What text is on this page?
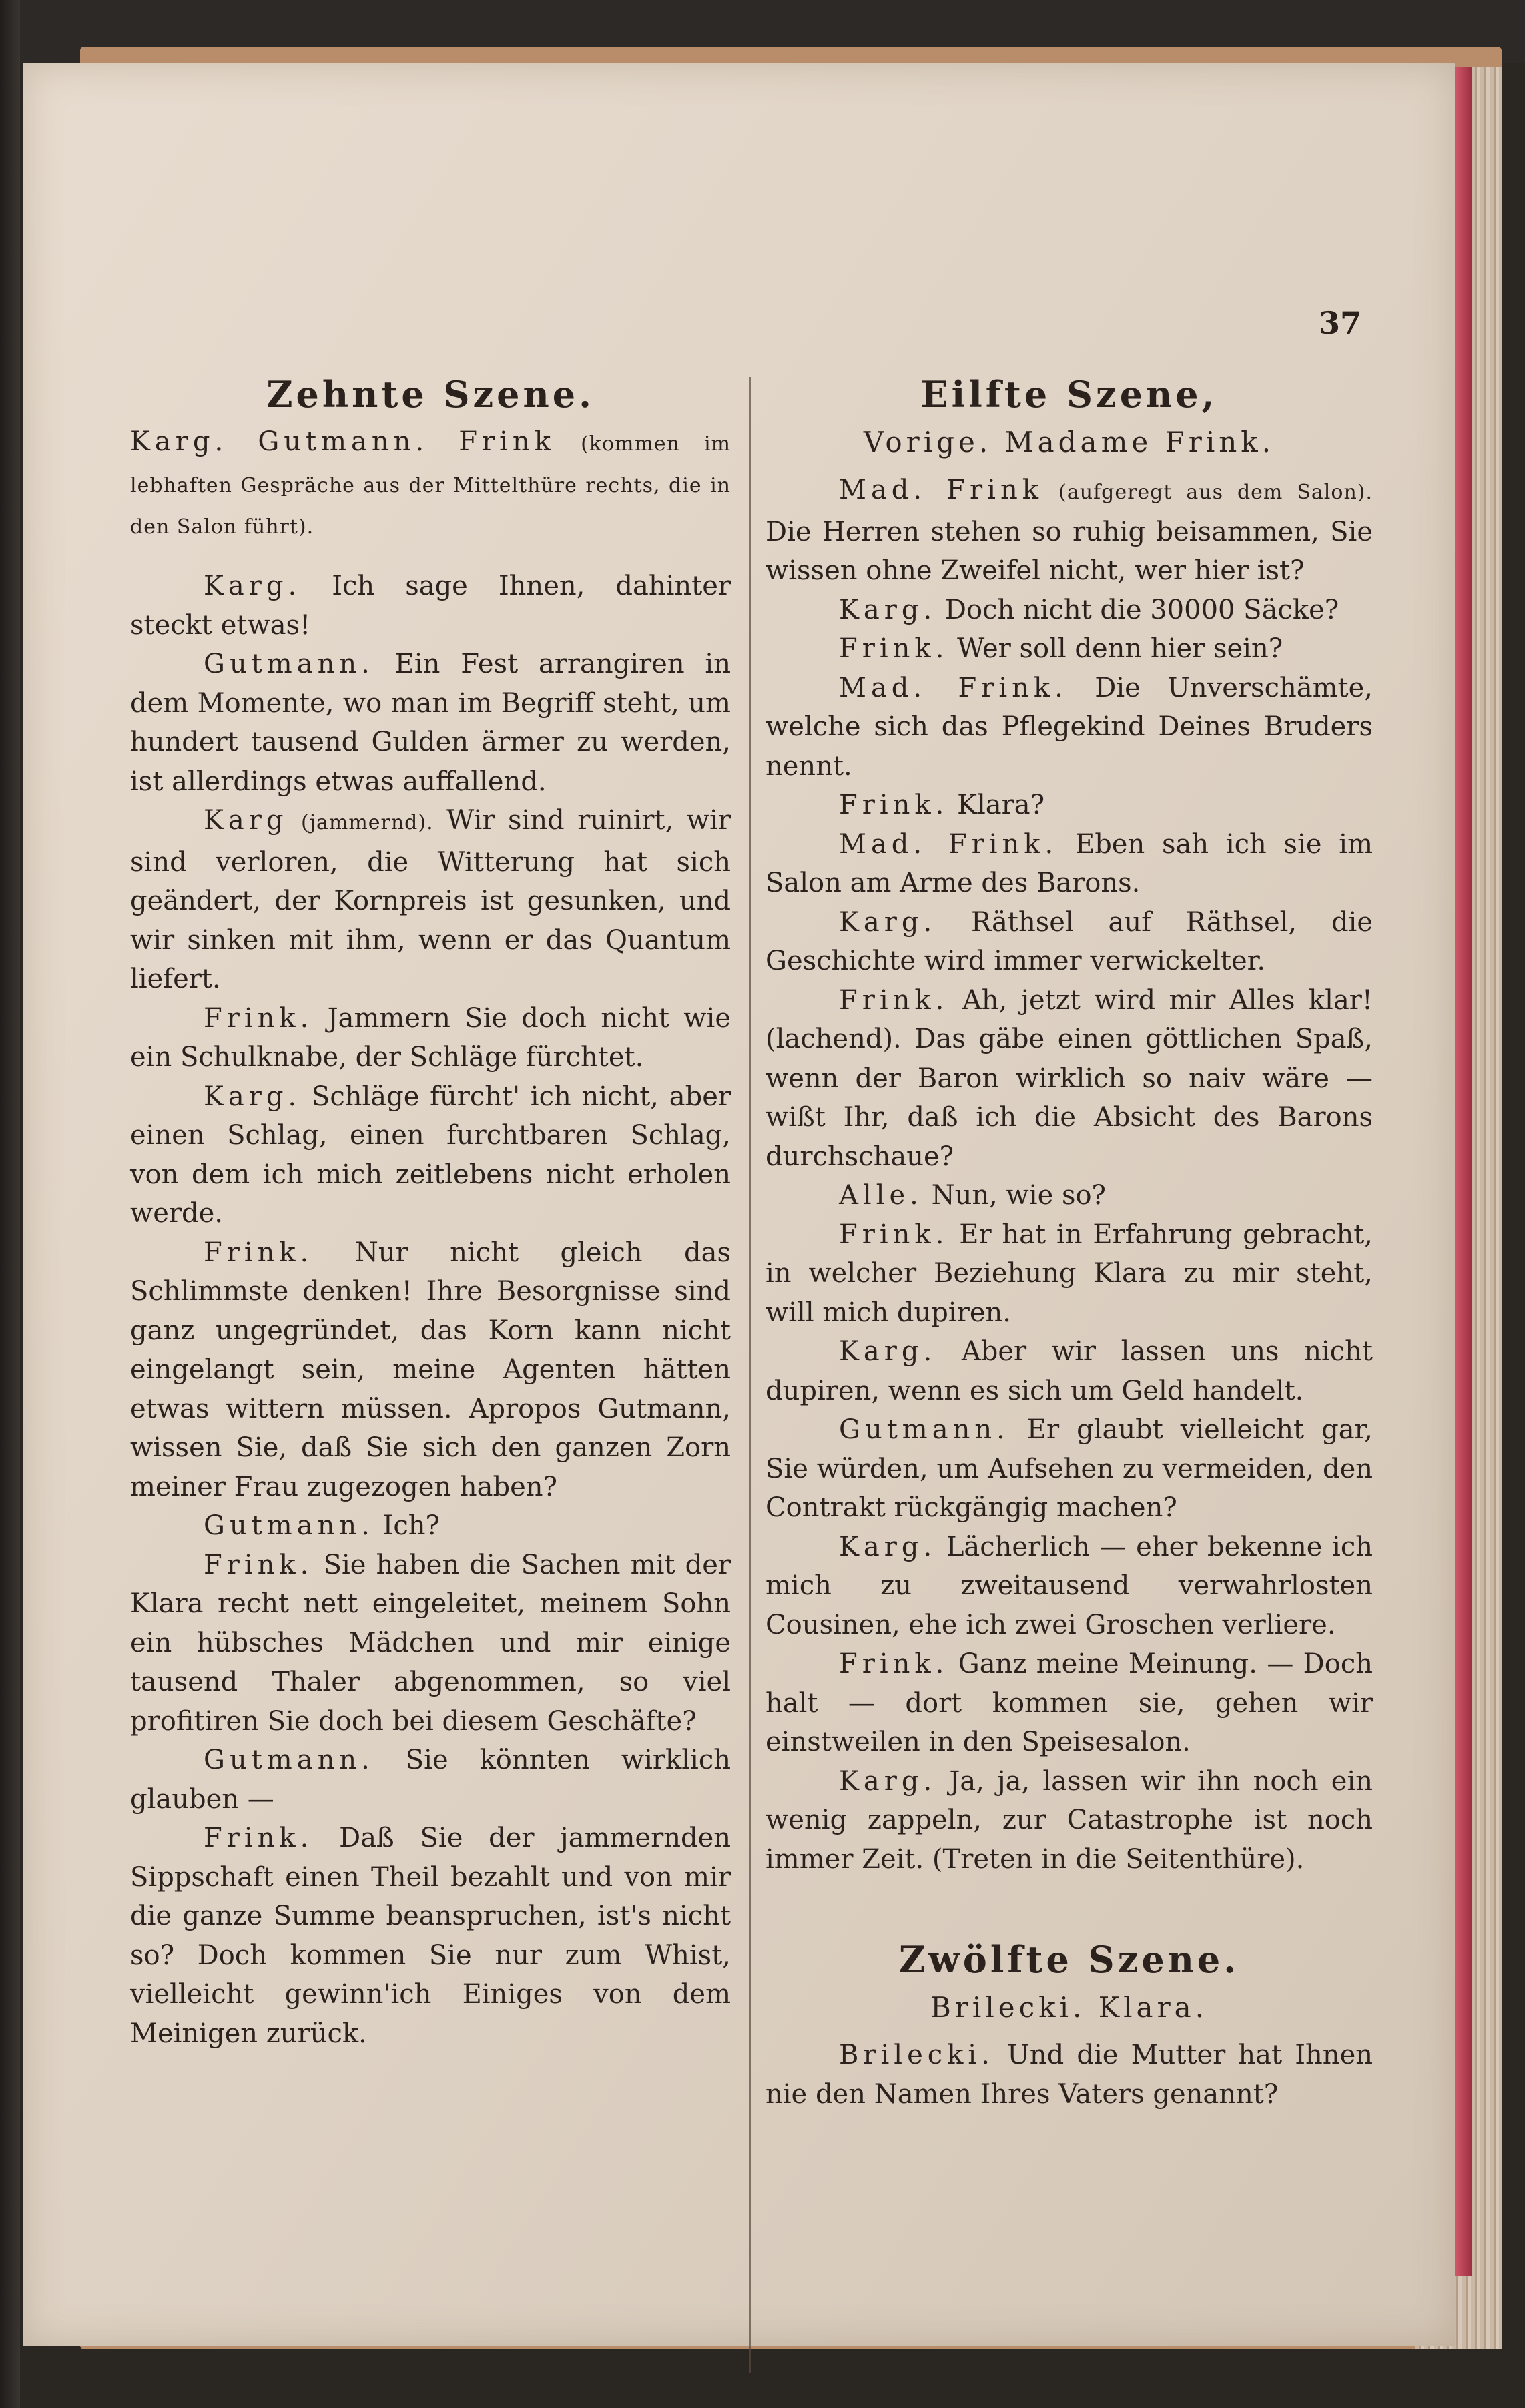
37
Zehnte Szene.
Karg. Gutmann. Frink (kommen im lebhaften Gespräche aus der Mittelthüre rechts, die in den Salon führt).

Karg. Ich sage Ihnen, dahinter steckt etwas!

Gutmann. Ein Fest arrangiren in dem Momente, wo man im Begriff steht, um hundert tausend Gulden ärmer zu werden, ist allerdings etwas auffallend.

Karg (jammernd). Wir sind ruinirt, wir sind verloren, die Witterung hat sich geändert, der Kornpreis ist gesunken, und wir sinken mit ihm, wenn er das Quantum liefert.

Frink. Jammern Sie doch nicht wie ein Schulknabe, der Schläge fürchtet.

Karg. Schläge fürcht' ich nicht, aber einen Schlag, einen furchtbaren Schlag, von dem ich mich zeitlebens nicht erholen werde.

Frink. Nur nicht gleich das Schlimmste denken! Ihre Besorgnisse sind ganz ungegründet, das Korn kann nicht eingelangt sein, meine Agenten hätten etwas wittern müssen. Apropos Gutmann, wissen Sie, daß Sie sich den ganzen Zorn meiner Frau zugezogen haben?

Gutmann. Ich?

Frink. Sie haben die Sachen mit der Klara recht nett eingeleitet, meinem Sohn ein hübsches Mädchen und mir einige tausend Thaler abgenommen, so viel profitiren Sie doch bei diesem Geschäfte?

Gutmann. Sie könnten wirklich glauben —

Frink. Daß Sie der jammernden Sippschaft einen Theil bezahlt und von mir die ganze Summe beanspruchen, ist's nicht so? Doch kommen Sie nur zum Whist, vielleicht gewinn'ich Einiges von dem Meinigen zurück.

Eilfte Szene,
Vorige. Madame Frink.

Mad. Frink (aufgeregt aus dem Salon). Die Herren stehen so ruhig beisammen, Sie wissen ohne Zweifel nicht, wer hier ist?

Karg. Doch nicht die 30000 Säcke?

Frink. Wer soll denn hier sein?

Mad. Frink. Die Unverschämte, welche sich das Pflegekind Deines Bruders nennt.

Frink. Klara?

Mad. Frink. Eben sah ich sie im Salon am Arme des Barons.

Karg. Räthsel auf Räthsel, die Geschichte wird immer verwickelter.

Frink. Ah, jetzt wird mir Alles klar! (lachend). Das gäbe einen göttlichen Spaß, wenn der Baron wirklich so naiv wäre — wißt Ihr, daß ich die Absicht des Barons durchschaue?

Alle. Nun, wie so?

Frink. Er hat in Erfahrung gebracht, in welcher Beziehung Klara zu mir steht, will mich dupiren.

Karg. Aber wir lassen uns nicht dupiren, wenn es sich um Geld handelt.

Gutmann. Er glaubt vielleicht gar, Sie würden, um Aufsehen zu vermeiden, den Contrakt rückgängig machen?

Karg. Lächerlich — eher bekenne ich mich zu zweitausend verwahrlosten Cousinen, ehe ich zwei Groschen verliere.

Frink. Ganz meine Meinung. — Doch halt — dort kommen sie, gehen wir einstweilen in den Speisesalon.

Karg. Ja, ja, lassen wir ihn noch ein wenig zappeln, zur Catastrophe ist noch immer Zeit. (Treten in die Seitenthüre).

Zwölfte Szene.
Brilecki. Klara.

Brilecki. Und die Mutter hat Ihnen nie den Namen Ihres Vaters genannt?
